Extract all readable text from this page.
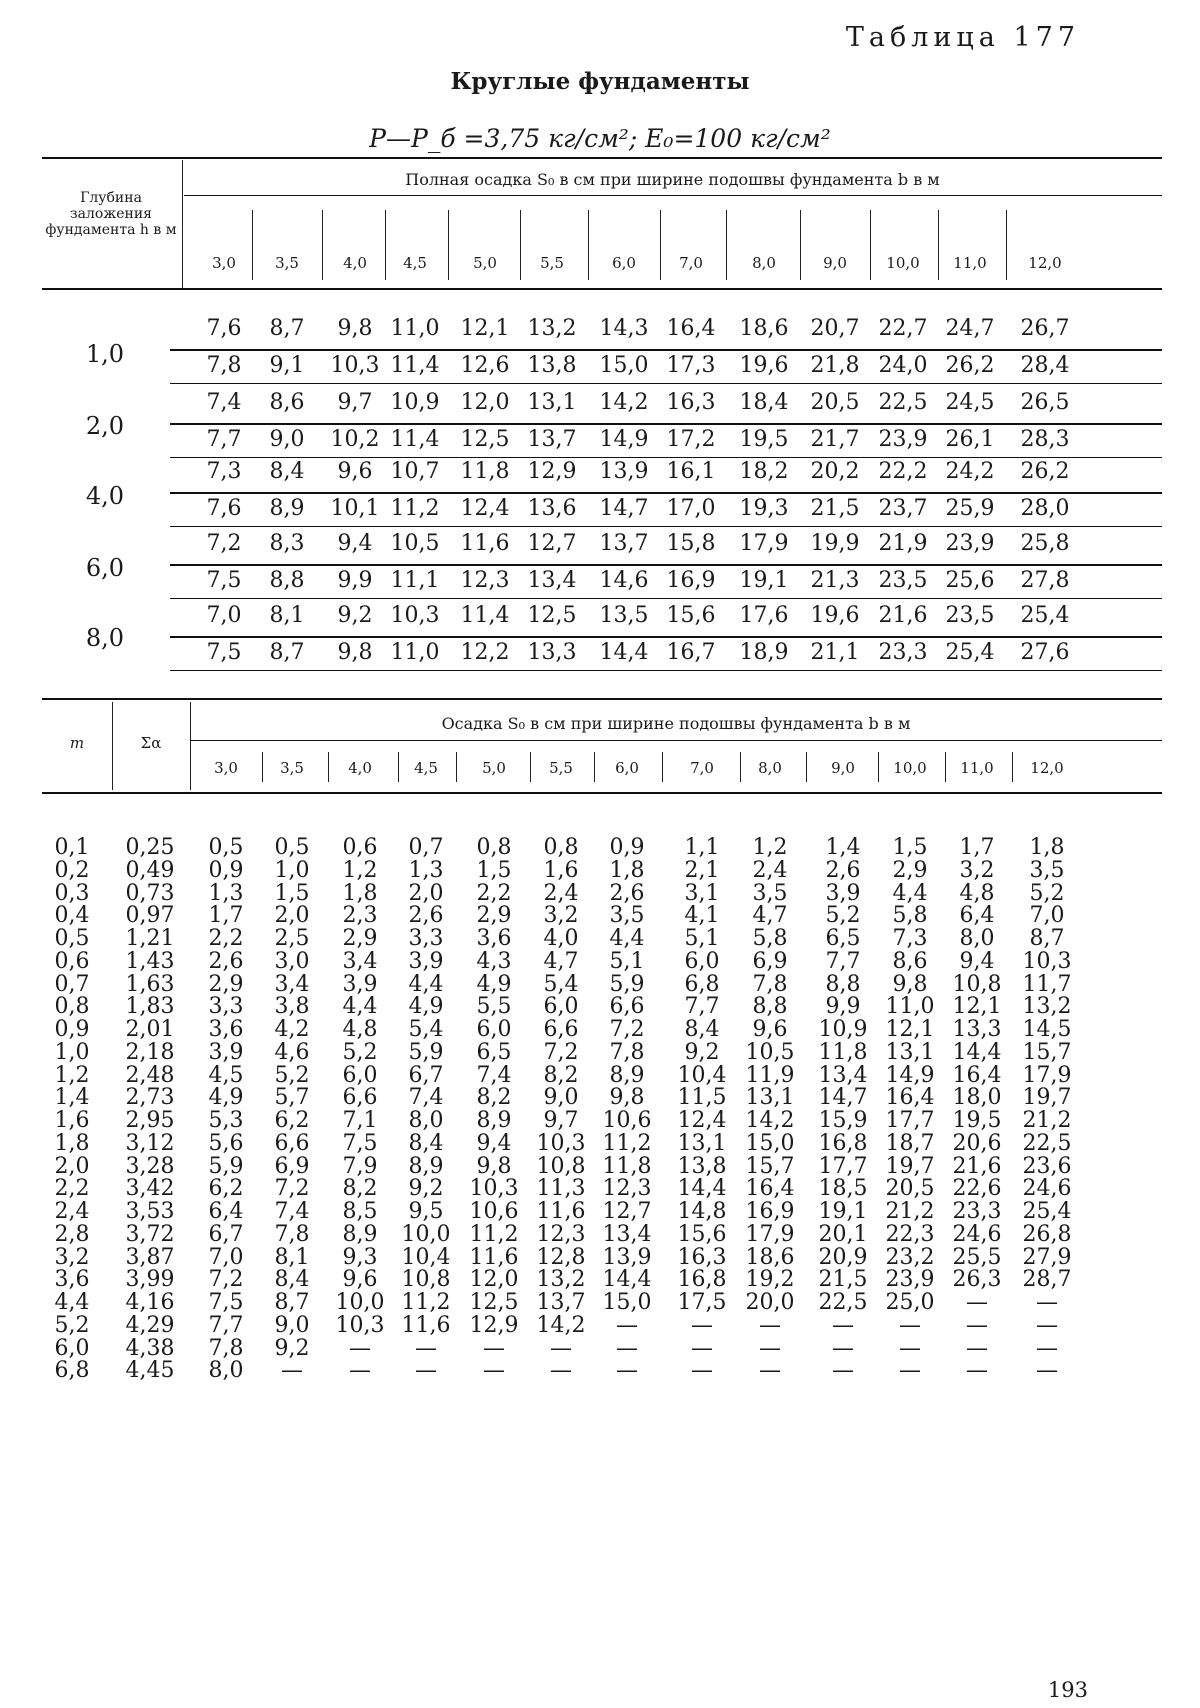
Таблица 177
Круглые фундаменты
P—P_б =3,75 кг/см²; E₀=100 кг/см²
Глубина заложения фундамента h в м
Полная осадка S₀ в см при ширине подошвы фундамента b в м
3,0	3,5	4,0	4,5	5,0	5,5	6,0	7,0	8,0	9,0	10,0	11,0	12,0
1,0
7,6	8,7	9,8 11,0 12,1 13,2	14,3 16,4	18,6	20,7 22,7 24,7	26,7
7,8	9,1	10,3 11,4 12,6 13,8	15,0 17,3	19,6	21,8 24,0 26,2	28,4
2,0
7,4	8,6	9,7 10,9 12,0 13,1	14,2 16,3	18,4	20,5 22,5 24,5	26,5
7,7	9,0	10,2 11,4 12,5 13,7	14,9 17,2	19,5	21,7 23,9 26,1	28,3
4,0
7,3	8,4	9,6 10,7 11,8 12,9	13,9 16,1	18,2	20,2 22,2 24,2	26,2
7,6	8,9	10,1 11,2 12,4 13,6	14,7 17,0	19,3	21,5 23,7 25,9	28,0
6,0
7,2	8,3	9,4 10,5 11,6 12,7	13,7 15,8	17,9	19,9 21,9 23,9	25,8
7,5	8,8	9,9 11,1 12,3 13,4	14,6 16,9	19,1	21,3 23,5 25,6	27,8
8,0
7,0	8,1	9,2 10,3 11,4 12,5	13,5 15,6	17,6	19,6 21,6 23,5	25,4
7,5	8,7	9,8 11,0 12,2 13,3	14,4 16,7	18,9	21,1 23,3 25,4	27,6
m	Σα
Осадка S₀ в см при ширине подошвы фундамента b в м
3,0	3,5	4,0	4,5	5,0	5,5	6,0	7,0	8,0	9,0	10,0	11,0	12,0
0,1	0,25	0,5	0,5	0,6	0,7	0,8	0,8	0,9	1,1	1,2	1,4	1,5	1,7	1,8
0,2	0,49	0,9	1,0	1,2	1,3	1,5	1,6	1,8	2,1	2,4	2,6	2,9	3,2	3,5
0,3	0,73	1,3	1,5	1,8	2,0	2,2	2,4	2,6	3,1	3,5	3,9	4,4	4,8	5,2
0,4	0,97	1,7	2,0	2,3	2,6	2,9	3,2	3,5	4,1	4,7	5,2	5,8	6,4	7,0
0,5	1,21	2,2	2,5	2,9	3,3	3,6	4,0	4,4	5,1	5,8	6,5	7,3	8,0	8,7
0,6	1,43	2,6	3,0	3,4	3,9	4,3	4,7	5,1	6,0	6,9	7,7	8,6	9,4	10,3
0,7	1,63	2,9	3,4	3,9	4,4	4,9	5,4	5,9	6,8	7,8	8,8	9,8	10,8 11,7
0,8	1,83	3,3	3,8	4,4	4,9	5,5	6,0	6,6	7,7	8,8	9,9	11,0 12,1 13,2
0,9	2,01	3,6	4,2	4,8	5,4	6,0	6,6	7,2	8,4	9,6	10,9 12,1 13,3 14,5
1,0	2,18	3,9	4,6	5,2	5,9	6,5	7,2	7,8	9,2	10,5	11,8 13,1 14,4 15,7
1,2	2,48	4,5	5,2	6,0	6,7	7,4	8,2	8,9	10,4 11,9	13,4 14,9 16,4 17,9
1,4	2,73	4,9	5,7	6,6	7,4	8,2	9,0	9,8	11,5 13,1	14,7 16,4 18,0 19,7
1,6	2,95	5,3	6,2	7,1	8,0	8,9	9,7	10,6	12,4 14,2	15,9 17,7 19,5 21,2
1,8	3,12	5,6	6,6	7,5	8,4	9,4	10,3 11,2	13,1 15,0	16,8 18,7 20,6 22,5
2,0	3,28	5,9	6,9	7,9	8,9	9,8	10,8 11,8	13,8 15,7	17,7 19,7 21,6 23,6
2,2	3,42	6,2	7,2	8,2	9,2	10,3 11,3 12,3	14,4 16,4	18,5 20,5 22,6 24,6
2,4	3,53	6,4	7,4	8,5	9,5	10,6 11,6 12,7	14,8 16,9	19,1 21,2 23,3 25,4
2,8	3,72	6,7	7,8	8,9	10,0 11,2 12,3 13,4	15,6 17,9	20,1 22,3 24,6 26,8
3,2	3,87	7,0	8,1	9,3	10,4 11,6 12,8 13,9	16,3 18,6	20,9 23,2 25,5 27,9
3,6	3,99	7,2	8,4	9,6	10,8 12,0 13,2 14,4	16,8 19,2	21,5 23,9 26,3 28,7
4,4	4,16	7,5	8,7	10,0 11,2 12,5 13,7 15,0	17,5 20,0	22,5 25,0	—	—
5,2	4,29	7,7	9,0	10,3 11,6 12,9 14,2	—	—	—	—	—	—	—
6,0	4,38	7,8	9,2	—	—	—	—	—	—	—	—	—	—	—
6,8	4,45	8,0	—	—	—	—	—	—	—	—	—	—	—	—
193
